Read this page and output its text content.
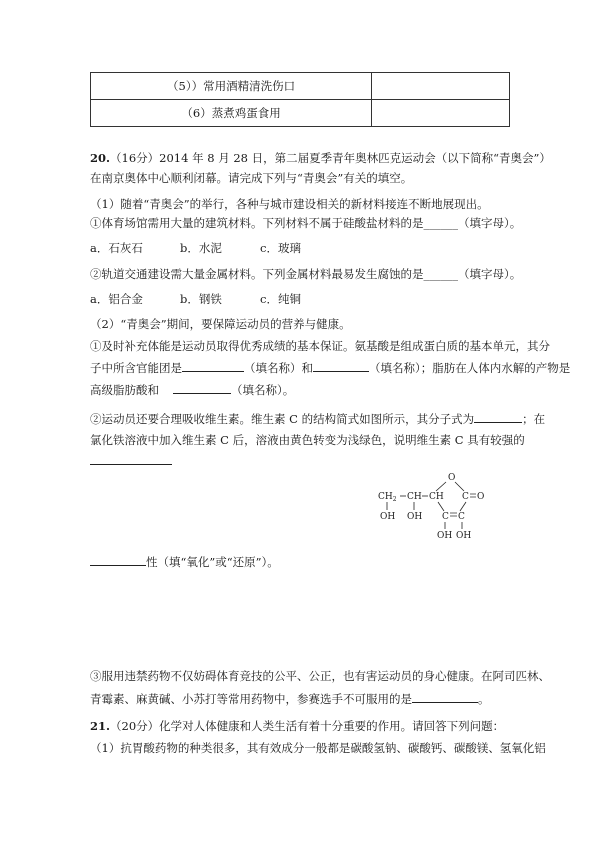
（5））常用酒精清洗伤口	
（6）蒸煮鸡蛋食用	
20.（16分）2014 年 8 月 28 日，第二届夏季青年奥林匹克运动会（以下简称“青奥会”）
在南京奥体中心顺利闭幕。请完成下列与“青奥会”有关的填空。
（1）随着“青奥会”的举行，各种与城市建设相关的新材料接连不断地展现出。
①体育场馆需用大量的建筑材料。下列材料不属于硅酸盐材料的是______（填字母）。
a．石灰石	b．水泥	c．玻璃
②轨道交通建设需大量金属材料。下列金属材料最易发生腐蚀的是______（填字母）。
a．铝合金	b．钢铁	c．纯铜
（2）“青奥会”期间，要保障运动员的营养与健康。
①及时补充体能是运动员取得优秀成绩的基本保证。氨基酸是组成蛋白质的基本单元，其分
子中所含官能团是	（填名称）和	（填名称）；脂肪在人体内水解的产物是
高级脂肪酸和	（填名称）。
②运动员还要合理吸收维生素。维生素 C 的结构简式如图所示，其分子式为	；在
氯化铁溶液中加入维生素 C 后，溶液由黄色转变为浅绿色，说明维生素 C 具有较强的
O
$CH_2$ CH CH C O
OH OH C C
OH OH
性（填“氧化”或“还原”）。
③服用违禁药物不仅妨碍体育竞技的公平、公正，也有害运动员的身心健康。在阿司匹林、
青霉素、麻黄碱、小苏打等常用药物中，参赛选手不可服用的是	。
21.（20分）化学对人体健康和人类生活有着十分重要的作用。请回答下列问题：
（1）抗胃酸药物的种类很多，其有效成分一般都是碳酸氢钠、碳酸钙、碳酸镁、氢氧化铝
